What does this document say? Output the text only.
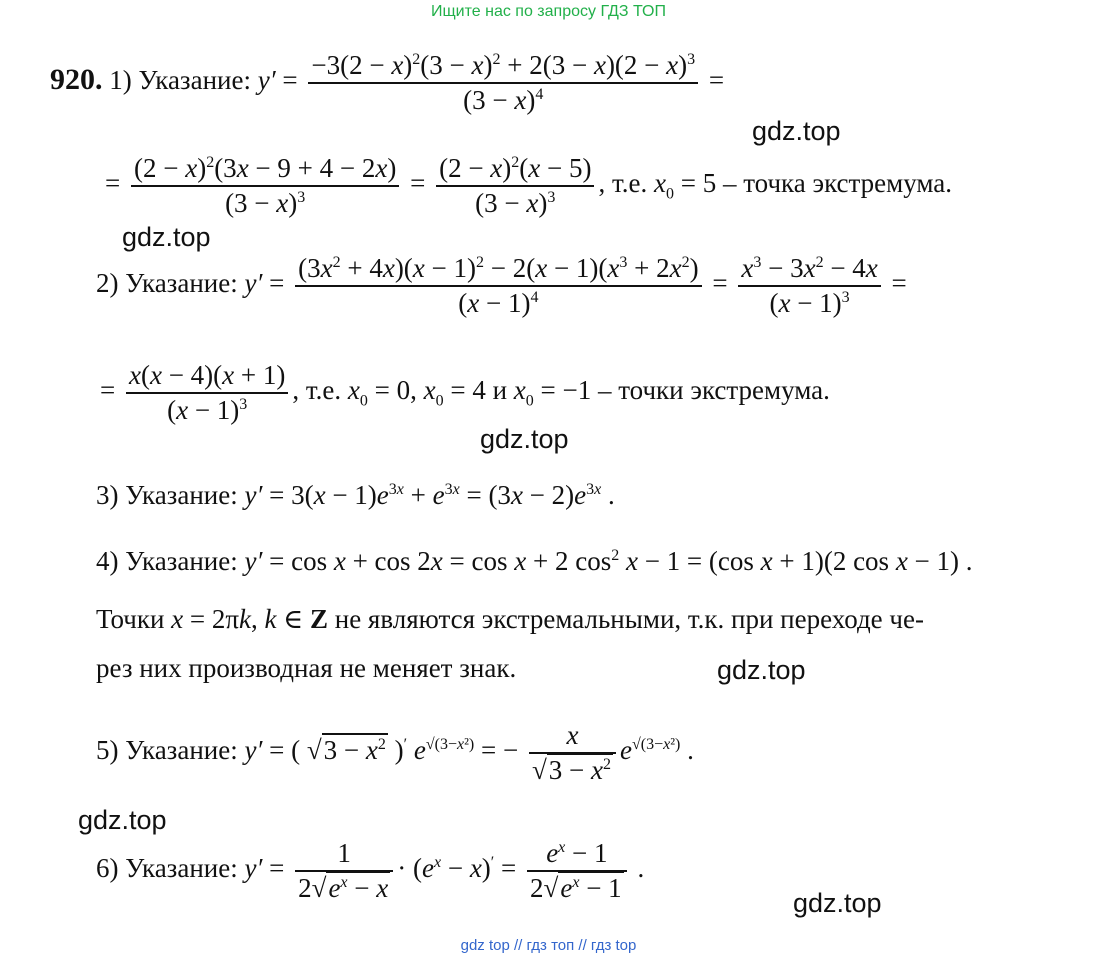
Ищите нас по запросу ГДЗ ТОП
920. 1) Указание: $y' = \frac{-3(2 - x)^2(3 - x)^2 + 2(3 - x)(2 - x)^3}{(3 - x)^4}$ =
gdz.top
= $\frac{(2 - x)^2(3x - 9 + 4 - 2x)}{(3 - x)^3} = \frac{(2 - x)^2(x - 5)}{(3 - x)^3}$ , т.е. $x_0 = 5$ – точка экстремума.
gdz.top
2) Указание: $y' = \frac{(3x^2 + 4x)(x - 1)^2 - 2(x - 1)(x^3 + 2x^2)}{(x - 1)^4} = \frac{x^3 - 3x^2 - 4x}{(x - 1)^3}$ =
= $\frac{x(x - 4)(x + 1)}{(x - 1)^3}$ , т.е. $x_0 = 0$, $x_0 = 4$ и $x_0 = -1$ – точки экстремума.
gdz.top
3) Указание: $y' = 3(x - 1)e^{3x} + e^{3x} = (3x - 2)e^{3x}$ .
4) Указание: y′ = cos x + cos 2x = cos x + 2 $\cos^2 x - 1 = (\cos$ x + 1)(2 cos x − 1) .
Точки x = 2πk, k ∈ Z не являются экстремальными, т.к. при переходе че-
рез них производная не меняет знак.	gdz.top
5) Указание: y′ = ( $√3 - x^2$ )′ $e^{√(3-x^2)}$ = − $\frac{x}{√3 - x^2} e^{√(3-x^2)}$ .
gdz.top
6) Указание: $y' = \frac{1}{2√e^x - x} \cdot (e^x - x)' = \frac{e^x - 1}{2√e^x - 1}$ .
gdz.top
gdz top // гдз топ // гдз top
